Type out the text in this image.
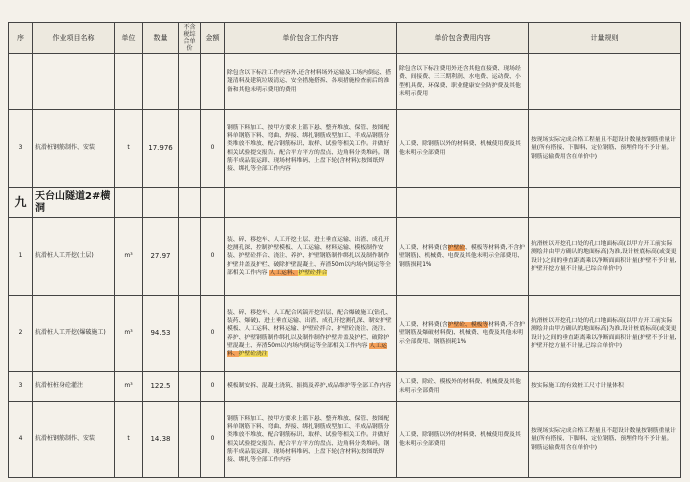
序	作业项目名称	单位	数量	不含税综合单价	金额	单价包含工作内容	单价包含费用内容	计量规则
						除包含以下标注工作内容外,还含材料场外运输及工场内倒运、搭篷清料及建筑垃圾清运、安全措施搭拆、各项措施检查前后的准备和其他未明示费用的费用	除包含以下标注费用外还含其他直接费、现场经费、间接费、三三期利润、水电费、运动费、小型机具费、环保费、职业健康安全防护费及其他未明示费用	
3	抗滑桩钢筋制作、安装	t	17.976		0	钢筋下料加工、按甲方要求上篮下悬、整齐堆放、保管、按图配料单钢筋下料、弯曲、焊接、绑扎钢筋成型加工、半成品钢筋分类堆放不堆放、配合钢筋标识、取样、试验等相关工作。并做好相关试验提交报告、配合平方平方的盘点、边角料分类堆码。钢筋半成品装运卸、现场材料堆码、上盘下轮(含材料);按图纸焊接、绑扎等全部工作内容	人工费、除钢筋以外的材料费、机械使用费及其他未明示全部费用	按现场实际完成合格工程量且不超设计数量按钢筋重量计量(所有搭接、下脚料、定位钢筋、预埋件均不予计量。钢筋运输费用含在单价中)
九	天台山隧道2#横洞							
1	抗滑桩人工开挖(土层)	m³	27.97		0	装、碎、移挖车、人工开挖土层、进土垂直运输、出渣、成孔开挖测孔深、控制护壁模板、人工运输、材料运输、模板制作安装、护壁砼拌合、浇注、养护、护壁钢筋制作绑扎以及制作制作护壁井盖及护栏、破除护壁混凝土、弃渣50m以内场内倒运等全部相关工作内容 人工运料、护壁砼拌合	人工费、材料费(含护壁砼、模板等材料费,不含护壁钢筋)、机械费、电费及其他未明示全部费用、钢筋损耗1%	抗滑桩以开挖孔口处的孔口地面标高(以甲方开工前实际测绘并由甲方确认的地面标高)为准,设计桩底标高(或变更设计)之间的垂直距离乘以净断面面积计量(护壁不予计量,护壁开挖方量不计量,已综合单价中)
2	抗滑桩人工开挖(爆破施工)	m³	94.53		0	装、碎、移挖车、人工配合风镐开挖岩层、配合爆破施工(钻孔、装药、爆破)、进土垂直运输、出渣、成孔开挖测孔深、制安护壁模板、人工运料、材料运输、护壁砼拌合、护壁砼浇注、浇注、养护、护壁钢筋制作绑扎以及制作制作护壁井盖及护栏、破除护壁混凝土、弃渣50m以内场内倒运等全部相关工作内容 人工运料、护壁砼浇注	人工费、材料费(含护壁砼、模板等材料费,不含护壁钢筋及爆破材料费)、机械费、电费及其他未明示全部费用、钢筋损耗1%	抗滑桩以开挖孔口处的孔口地面标高(以甲方开工前实际测绘并由甲方确认的地面标高)为准,设计桩底标高(或变更设计)之间的垂直距离乘以净断面面积计量(护壁不予计量,护壁开挖方量不计量,已综合单价中)
3	抗滑桩桩身砼灌注	m³	122.5		0	模板制安拆、混凝土浇筑、振捣及养护,成品维护等全部工作内容	人工费、除砼、模板外的材料费、机械费及其他未明示全部费用	按实际施工的有效桩工尺寸计量体积
4	抗滑桩钢筋制作、安装	t	14.38		0	钢筋下料加工、按甲方要求上篮下悬、整齐堆放、保管、按图配料单钢筋下料、弯曲、焊接、绑扎钢筋成型加工、半成品钢筋分类堆放不堆放、配合钢筋标识、取样、试验等相关工作。并做好相关试验提交报告、配合平方平方的盘点、边角料分类堆码。钢筋半成品装运卸、现场材料堆码、上盘下轮(含材料);按图纸焊接、绑扎等全部工作内容	人工费、除钢筋以外的材料费、机械使用费及其他未明示全部费用	按现场实际完成合格工程量且不超设计数量按钢筋重量计量(所有搭接、下脚料、定位钢筋、预埋件均不予计量。钢筋运输费用含在单价中)
